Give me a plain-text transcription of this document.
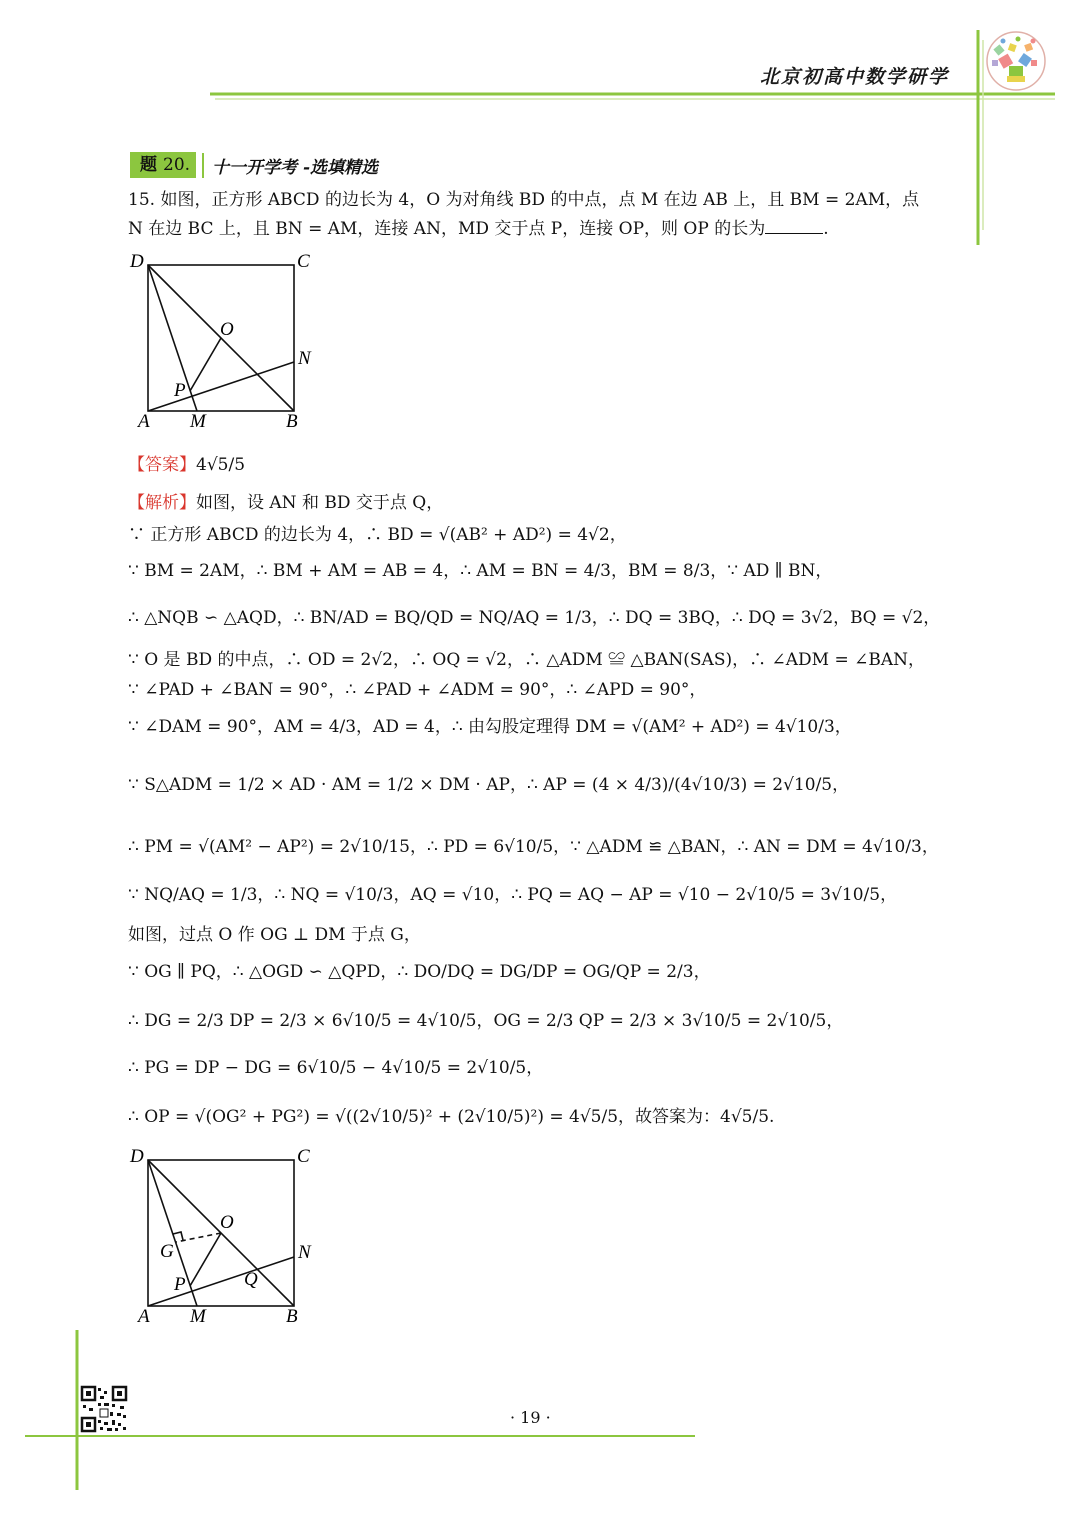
北京初高中数学研学
题 20.	十一开学考 -选填精选
15. 如图，正方形 ABCD 的边长为 4，O 为对角线 BD 的中点，点 M 在边 AB 上，且 BM = 2AM，点
N 在边 BC 上，且 BN = AM，连接 AN，MD 交于点 P，连接 OP，则 OP 的长为	.
D	C
O
N
P
A M	B
【答案】4√5/5
【解析】如图，设 AN 和 BD 交于点 Q，
∵ 正方形 ABCD 的边长为 4，∴ BD = √(AB² + AD²) = 4√2，
∵ BM = 2AM，∴ BM + AM = AB = 4，∴ AM = BN = 4/3，BM = 8/3，∵ AD ∥ BN，
∴ △NQB ∽ △AQD，∴ BN/AD = BQ/QD = NQ/AQ = 1/3，∴ DQ = 3BQ，∴ DQ = 3√2，BQ = √2，
∵ O 是 BD 的中点，∴ OD = 2√2，∴ OQ = √2，∴ △ADM ≌ △BAN(SAS)，∴ ∠ADM = ∠BAN，
∵ ∠PAD + ∠BAN = 90°，∴ ∠PAD + ∠ADM = 90°，∴ ∠APD = 90°，
∵ ∠DAM = 90°，AM = 4/3，AD = 4，∴ 由勾股定理得 DM = √(AM² + AD²) = 4√10/3，
∵ S△ADM = 1/2 × AD · AM = 1/2 × DM · AP，∴ AP = (4 × 4/3)/(4√10/3) = 2√10/5，
∴ PM = √(AM² − AP²) = 2√10/15，∴ PD = 6√10/5，∵ △ADM ≌ △BAN，∴ AN = DM = 4√10/3，
∵ NQ/AQ = 1/3，∴ NQ = √10/3，AQ = √10，∴ PQ = AQ − AP = √10 − 2√10/5 = 3√10/5，
如图，过点 O 作 OG ⊥ DM 于点 G，
∵ OG ∥ PQ，∴ △OGD ∽ △QPD，∴ DO/DQ = DG/DP = OG/QP = 2/3，
∴ DG = 2/3 DP = 2/3 × 6√10/5 = 4√10/5，OG = 2/3 QP = 2/3 × 3√10/5 = 2√10/5，
∴ PG = DP − DG = 6√10/5 − 4√10/5 = 2√10/5，
∴ OP = √(OG² + PG²) = √((2√10/5)² + (2√10/5)²) = 4√5/5，故答案为：4√5/5.
D	C
O
G	N
P	Q
A M	B
· 19 ·
